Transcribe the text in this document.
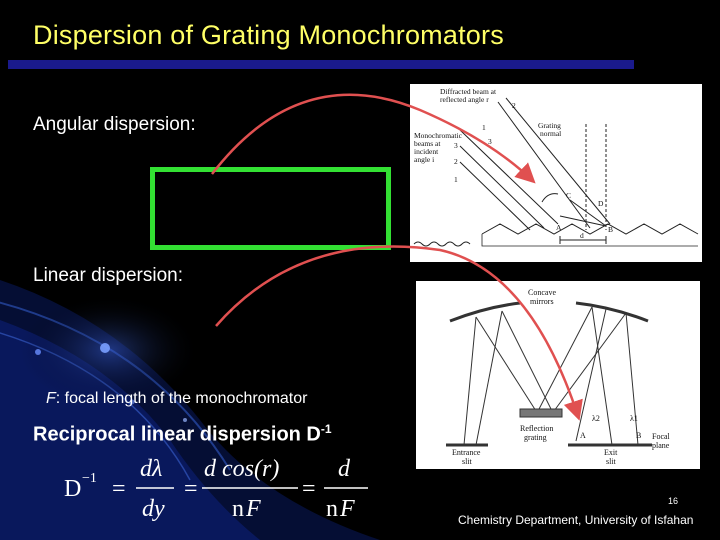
Dispersion of Grating Monochromators
Angular dispersion:
Linear dispersion:
Diffracted beam at
reflected angle r
Grating
normal
Monochromatic
beams at
incident
angle i
2
1
3
3
2
1
C
D
A	B
d
Concave
mirrors
Reflection
grating
Entrance
slit
Exit
slit
Focal
plane
λ2	λ1
A	B
F: focal length of the monochromator
Reciprocal linear dispersion $D^{-1}$
D −1 =
dλ
dy
=
d cos(r)
n F
=
d
n F	16
Chemistry Department, University of Isfahan
